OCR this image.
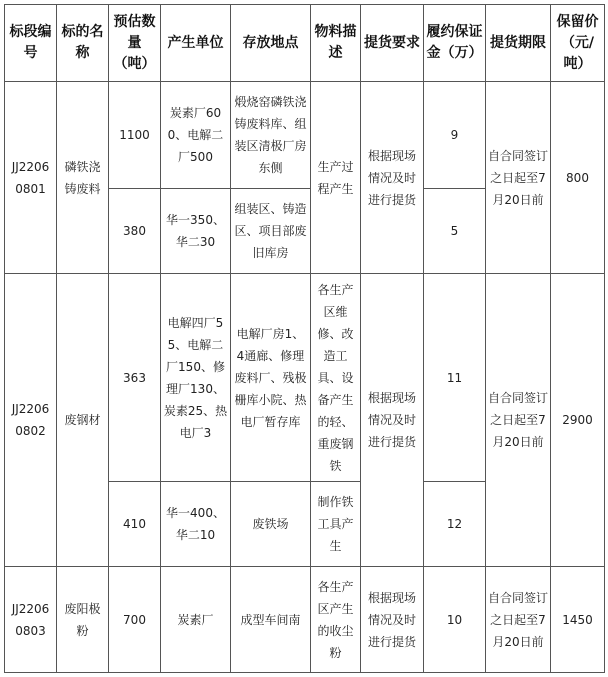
标段编号	标的名称	预估数量（吨）	产生单位	存放地点	物料描述	提货要求	履约保证金（万）	提货期限	保留价（元/吨）
JJ2206
0801	磷铁浇铸废料	1100	炭素厂600、电解二厂500	煅烧窑磷铁浇铸废料库、组装区清极厂房东侧	生产过程产生	根据现场情况及时进行提货	9	自合同签订之日起至7月20日前	800
		380	华一350、华二30	组装区、铸造区、项目部废旧库房			5		
JJ2206
0802	废钢材	363	电解四厂55、电解二厂150、修理厂130、炭素25、热电厂3	电解厂房1、4通廊、修理废料厂、残极栅库小院、热电厂暂存库	各生产区维修、改造工具、设备产生的轻、重废钢铁	根据现场情况及时进行提货	11	自合同签订之日起至7月20日前	2900
		410	华一400、华二10	废铁场	制作铁工具产生		12		
JJ2206
0803	废阳极粉	700	炭素厂	成型车间南	各生产区产生的收尘粉	根据现场情况及时进行提货	10	自合同签订之日起至7月20日前	1450
